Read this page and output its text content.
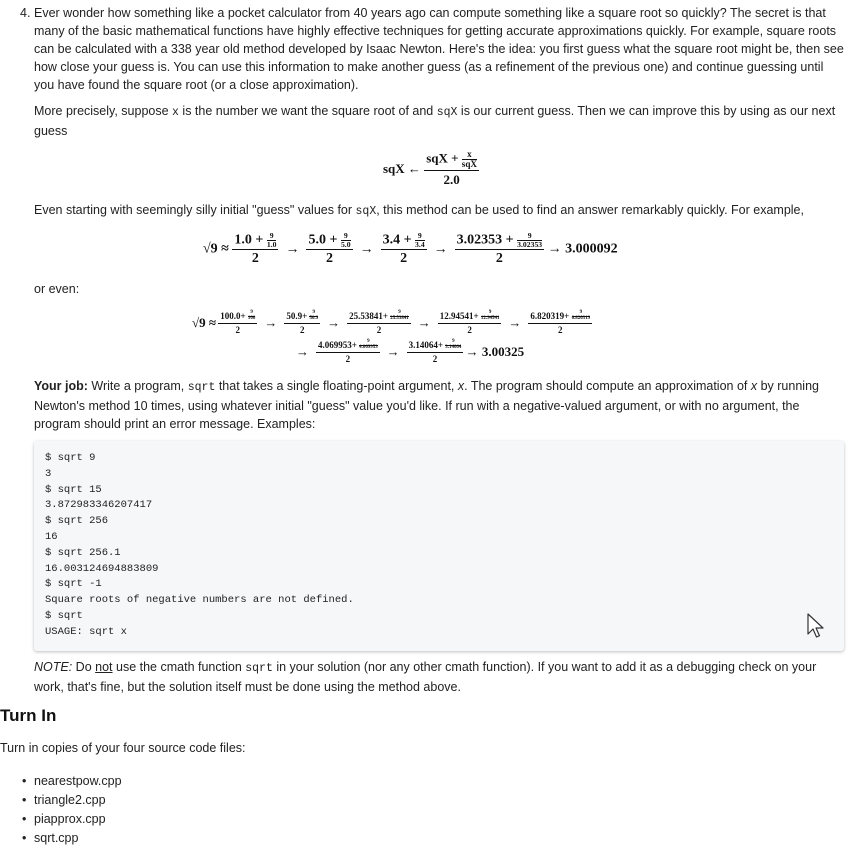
4. Ever wonder how something like a pocket calculator from 40 years ago can compute something like a square root so quickly? The secret is that many of the basic mathematical functions have highly effective techniques for getting accurate approximations quickly. For example, square roots can be calculated with a 338 year old method developed by Isaac Newton. Here's the idea: you first guess what the square root might be, then see how close your guess is. You can use this information to make another guess (as a refinement of the previous one) and continue guessing until you have found the square root (or a close approximation).

More precisely, suppose x is the number we want the square root of and sqX is our current guess. Then we can improve this by using as our next guess

sqX ← sqX + x
sqX
2.0

Even starting with seemingly silly initial "guess" values for sqX, this method can be used to find an answer remarkably quickly. For example,

$√9 \approx \frac{1.0 + \frac{9}{1.0}}{2} \to \frac{5.0 + \frac{9}{5.0}}{2} \to \frac{3.4 + \frac{9}{3.4}}{2} \to \frac{3.02353 + \frac{9}{3.02353}}{2} \to 3.000092$

or even:

$√9 \approx \frac{100.0+ \frac{9}{100}}{2} \to \frac{50.9+ \frac{9}{50.9}}{2} \to \frac{25.53841+ \frac{9}{25.53841}}{2} \to \frac{12.94541+ \frac{9}{12.94541}}{2} \to \frac{6.820319+ \frac{9}{6.820319}}{2}$
→ $\frac{4.069953+ \frac{9}{4.069953}}{2} \to \frac{3.14064+ \frac{9}{3.14064}}{2} \to 3.00325$

Your job: Write a program, sqrt that takes a single floating-point argument, x. The program should compute an approximation of x by running Newton's method 10 times, using whatever initial "guess" value you'd like. If run with a negative-valued argument, or with no argument, the program should print an error message. Examples:

$ sqrt 9
3
$ sqrt 15
3.872983346207417
$ sqrt 256
16
$ sqrt 256.1
16.003124694883809
$ sqrt -1
Square roots of negative numbers are not defined.
$ sqrt
USAGE: sqrt x

NOTE: Do not use the cmath function sqrt in your solution (nor any other cmath function). If you want to add it as a debugging check on your work, that's fine, but the solution itself must be done using the method above.

Turn In

Turn in copies of your four source code files:

• nearestpow.cpp
• triangle2.cpp
• piapprox.cpp
• sqrt.cpp
